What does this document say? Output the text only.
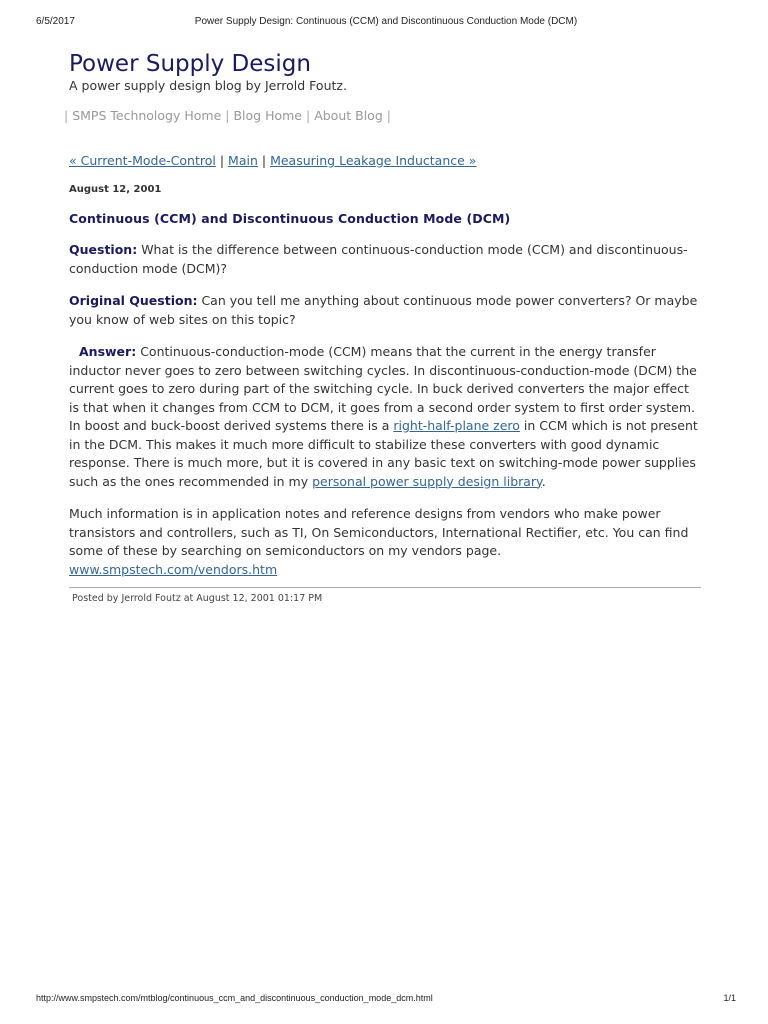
6/5/2017	Power Supply Design: Continuous (CCM) and Discontinuous Conduction Mode (DCM)
Power Supply Design

A power supply design blog by Jerrold Foutz.

| SMPS Technology Home | Blog Home | About Blog |
« Current-Mode-Control | Main | Measuring Leakage Inductance »
August 12, 2001
Continuous (CCM) and Discontinuous Conduction Mode (DCM)

Question: What is the difference between continuous-conduction mode (CCM) and discontinuous-conduction mode (DCM)?

Original Question: Can you tell me anything about continuous mode power converters? Or maybe you know of web sites on this topic?

Answer: Continuous-conduction-mode (CCM) means that the current in the energy transfer inductor never goes to zero between switching cycles. In discontinuous-conduction-mode (DCM) the current goes to zero during part of the switching cycle. In buck derived converters the major effect is that when it changes from CCM to DCM, it goes from a second order system to first order system. In boost and buck-boost derived systems there is a right-half-plane zero in CCM which is not present in the DCM. This makes it much more difficult to stabilize these converters with good dynamic response. There is much more, but it is covered in any basic text on switching-mode power supplies such as the ones recommended in my personal power supply design library.

Much information is in application notes and reference designs from vendors who make power transistors and controllers, such as TI, On Semiconductors, International Rectifier, etc. You can find some of these by searching on semiconductors on my vendors page.
www.smpstech.com/vendors.htm

Posted by Jerrold Foutz at August 12, 2001 01:17 PM
http://www.smpstech.com/mtblog/continuous_ccm_and_discontinuous_conduction_mode_dcm.html	1/1
